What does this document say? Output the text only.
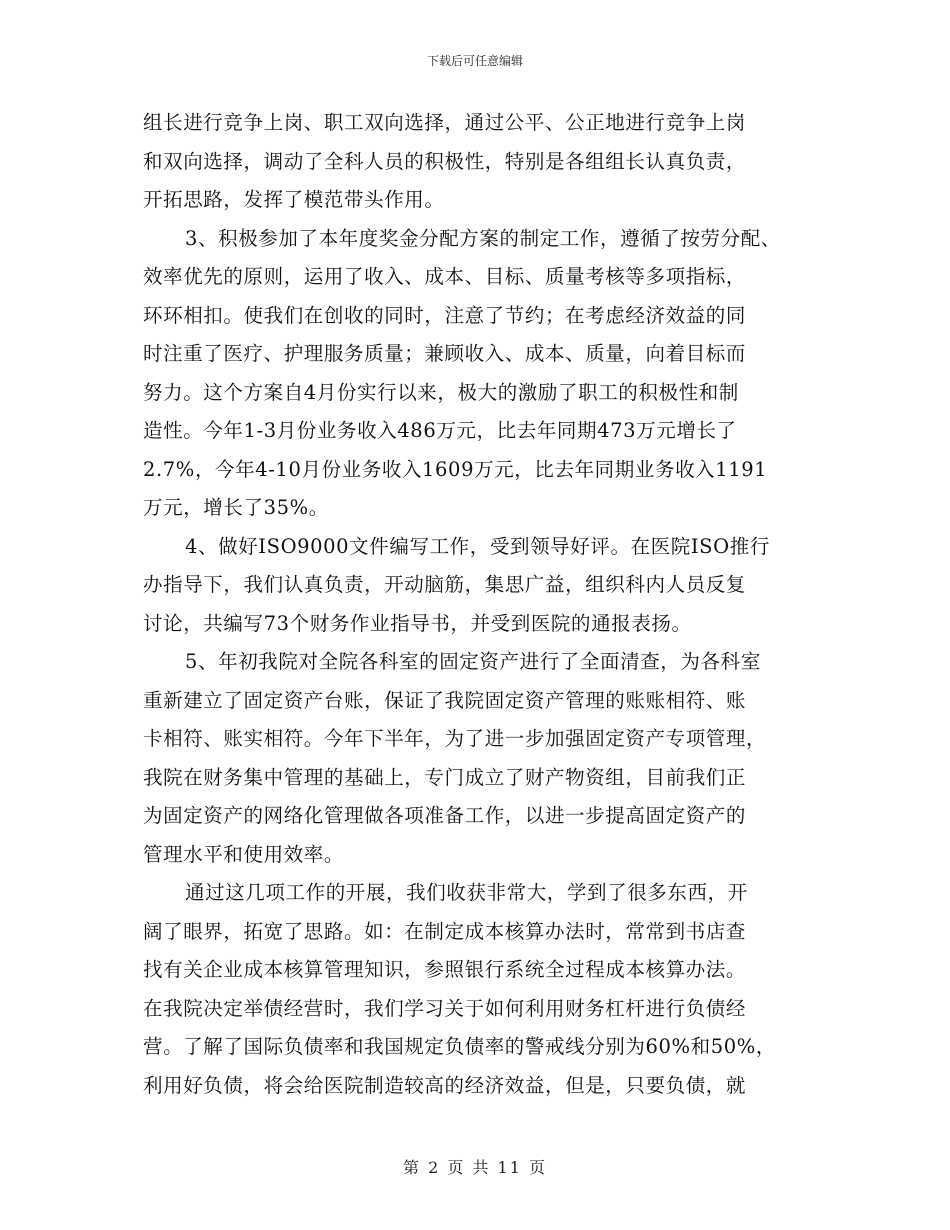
下载后可任意编辑
组长进行竞争上岗、职工双向选择，通过公平、公正地进行竞争上岗
和双向选择，调动了全科人员的积极性，特别是各组组长认真负责，
开拓思路，发挥了模范带头作用。
3、积极参加了本年度奖金分配方案的制定工作，遵循了按劳分配、
效率优先的原则，运用了收入、成本、目标、质量考核等多项指标，
环环相扣。使我们在创收的同时，注意了节约；在考虑经济效益的同
时注重了医疗、护理服务质量；兼顾收入、成本、质量，向着目标而
努力。这个方案自4月份实行以来，极大的激励了职工的积极性和制
造性。今年1-3月份业务收入486万元，比去年同期473万元增长了
2.7%，今年4-10月份业务收入1609万元，比去年同期业务收入1191
万元，增长了35%。
4、做好ISO9000文件编写工作，受到领导好评。在医院ISO推行
办指导下，我们认真负责，开动脑筋，集思广益，组织科内人员反复
讨论，共编写73个财务作业指导书，并受到医院的通报表扬。
5、年初我院对全院各科室的固定资产进行了全面清查，为各科室
重新建立了固定资产台账，保证了我院固定资产管理的账账相符、账
卡相符、账实相符。今年下半年，为了进一步加强固定资产专项管理，
我院在财务集中管理的基础上，专门成立了财产物资组，目前我们正
为固定资产的网络化管理做各项准备工作，以进一步提高固定资产的
管理水平和使用效率。
通过这几项工作的开展，我们收获非常大，学到了很多东西，开
阔了眼界，拓宽了思路。如：在制定成本核算办法时，常常到书店查
找有关企业成本核算管理知识，参照银行系统全过程成本核算办法。
在我院决定举债经营时，我们学习关于如何利用财务杠杆进行负债经
营。了解了国际负债率和我国规定负债率的警戒线分别为60%和50%，
利用好负债，将会给医院制造较高的经济效益，但是，只要负债，就
第 2 页 共 11 页
